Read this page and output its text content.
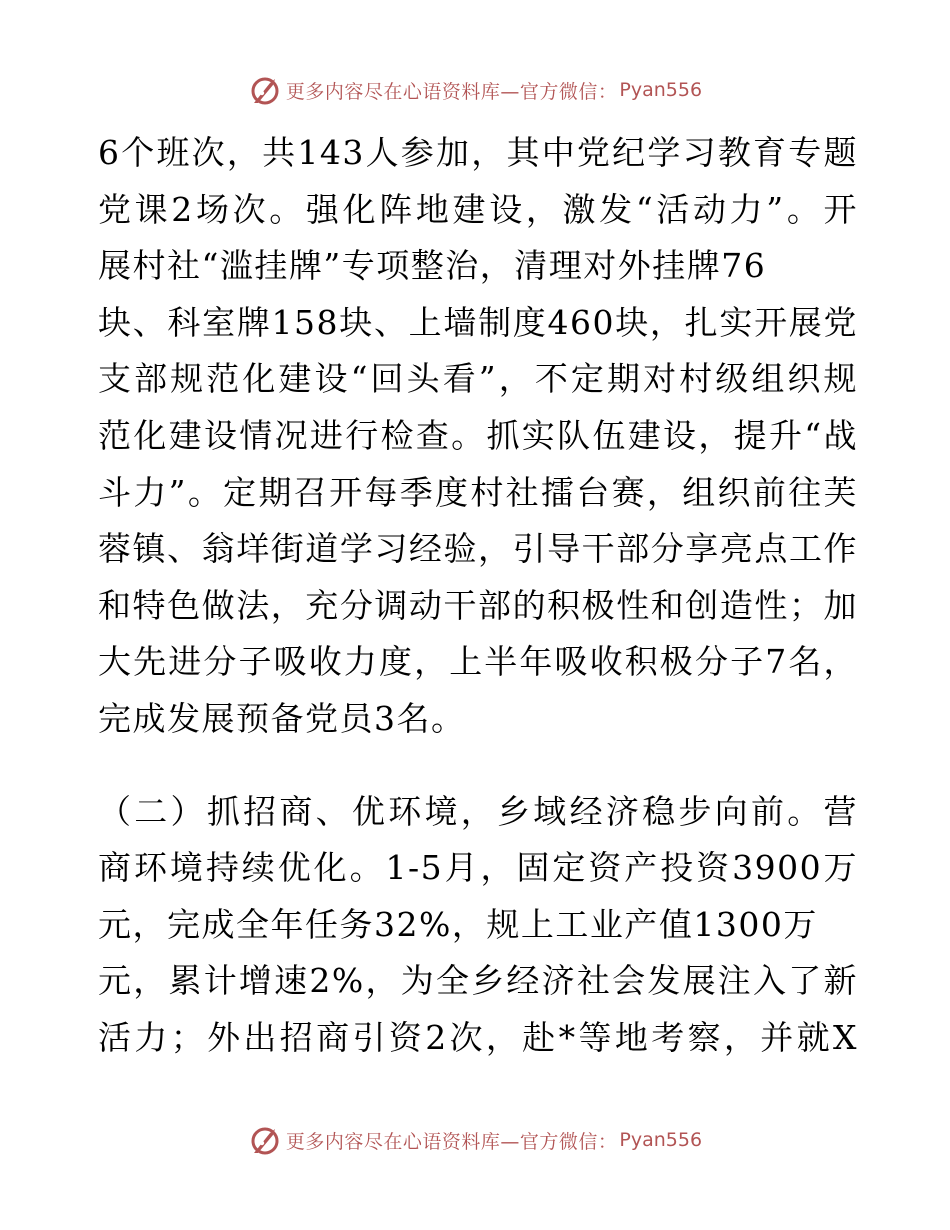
更多内容尽在心语资料库—官方微信： Pyan556
6个班次，共143人参加，其中党纪学习教育专题
党课2场次。强化阵地建设，激发“活动力”。开
展村社“滥挂牌”专项整治，清理对外挂牌76
块、科室牌158块、上墙制度460块，扎实开展党
支部规范化建设“回头看”，不定期对村级组织规
范化建设情况进行检查。抓实队伍建设，提升“战
斗力”。定期召开每季度村社擂台赛，组织前往芙
蓉镇、翁垟街道学习经验，引导干部分享亮点工作
和特色做法，充分调动干部的积极性和创造性；加
大先进分子吸收力度，上半年吸收积极分子7名，
完成发展预备党员3名。
（二）抓招商、优环境，乡域经济稳步向前。营
商环境持续优化。1-5月，固定资产投资3900万
元，完成全年任务32%，规上工业产值1300万
元，累计增速2%，为全乡经济社会发展注入了新
活力；外出招商引资2次，赴*等地考察，并就X
更多内容尽在心语资料库—官方微信： Pyan556
